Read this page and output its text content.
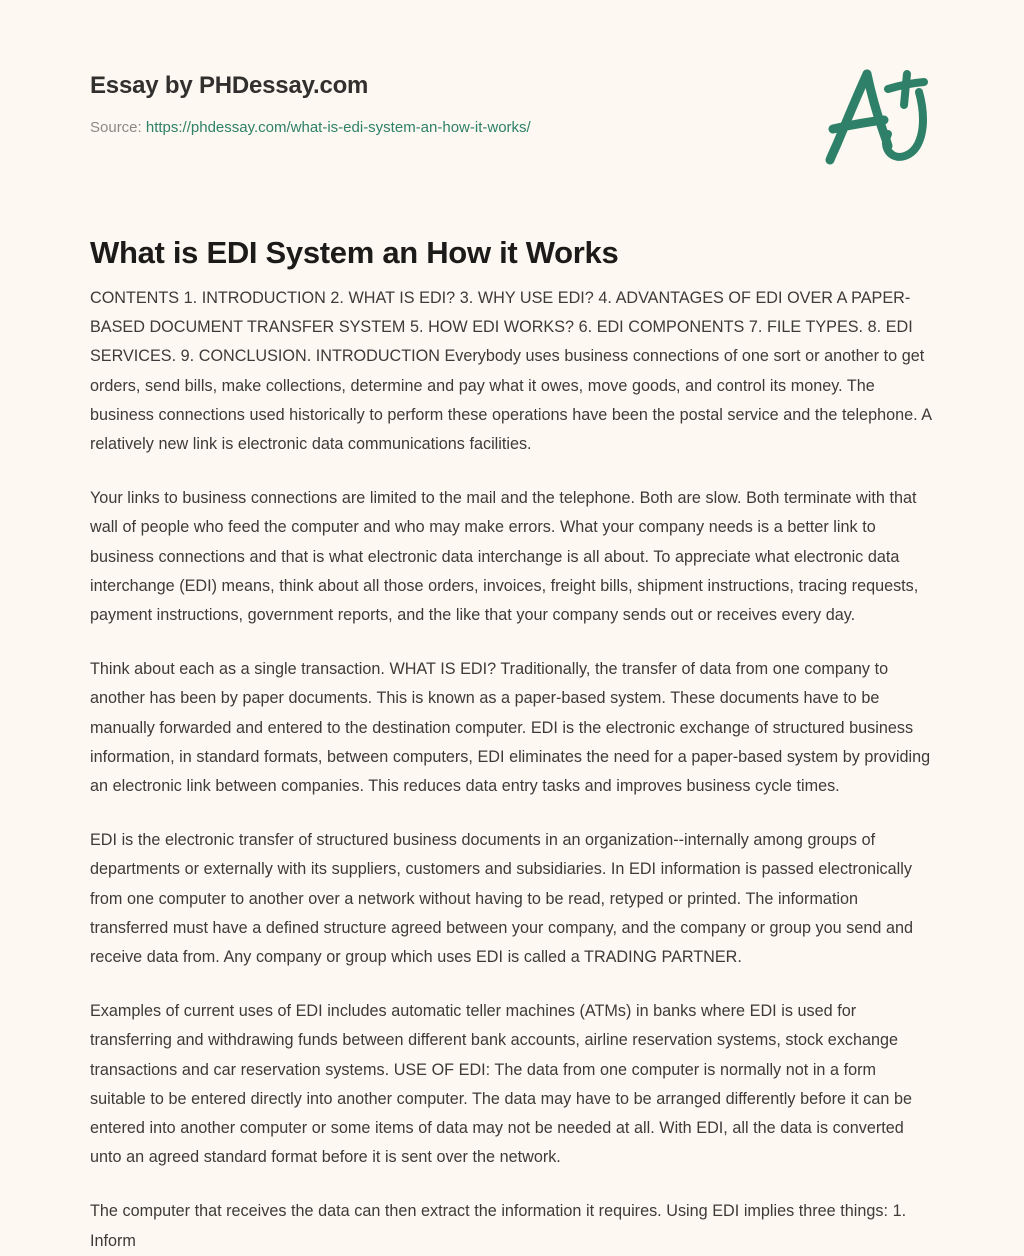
Essay by PHDessay.com
Source: https://phdessay.com/what-is-edi-system-an-how-it-works/
What is EDI System an How it Works

CONTENTS 1. INTRODUCTION 2. WHAT IS EDI? 3. WHY USE EDI? 4. ADVANTAGES OF EDI OVER A PAPER-BASED DOCUMENT TRANSFER SYSTEM 5. HOW EDI WORKS? 6. EDI COMPONENTS 7. FILE TYPES. 8. EDI SERVICES. 9. CONCLUSION. INTRODUCTION Everybody uses business connections of one sort or another to get orders, send bills, make collections, determine and pay what it owes, move goods, and control its money. The business connections used historically to perform these operations have been the postal service and the telephone. A relatively new link is electronic data communications facilities.

Your links to business connections are limited to the mail and the telephone. Both are slow. Both terminate with that wall of people who feed the computer and who may make errors. What your company needs is a better link to business connections and that is what electronic data interchange is all about. To appreciate what electronic data interchange (EDI) means, think about all those orders, invoices, freight bills, shipment instructions, tracing requests, payment instructions, government reports, and the like that your company sends out or receives every day.

Think about each as a single transaction. WHAT IS EDI? Traditionally, the transfer of data from one company to another has been by paper documents. This is known as a paper-based system. These documents have to be manually forwarded and entered to the destination computer. EDI is the electronic exchange of structured business information, in standard formats, between computers, EDI eliminates the need for a paper-based system by providing an electronic link between companies. This reduces data entry tasks and improves business cycle times.

EDI is the electronic transfer of structured business documents in an organization--internally among groups of departments or externally with its suppliers, customers and subsidiaries. In EDI information is passed electronically from one computer to another over a network without having to be read, retyped or printed. The information transferred must have a defined structure agreed between your company, and the company or group you send and receive data from. Any company or group which uses EDI is called a TRADING PARTNER.

Examples of current uses of EDI includes automatic teller machines (ATMs) in banks where EDI is used for transferring and withdrawing funds between different bank accounts, airline reservation systems, stock exchange transactions and car reservation systems. USE OF EDI: The data from one computer is normally not in a form suitable to be entered directly into another computer. The data may have to be arranged differently before it can be entered into another computer or some items of data may not be needed at all. With EDI, all the data is converted unto an agreed standard format before it is sent over the network.

The computer that receives the data can then extract the information it requires. Using EDI implies three things: 1. Inform
